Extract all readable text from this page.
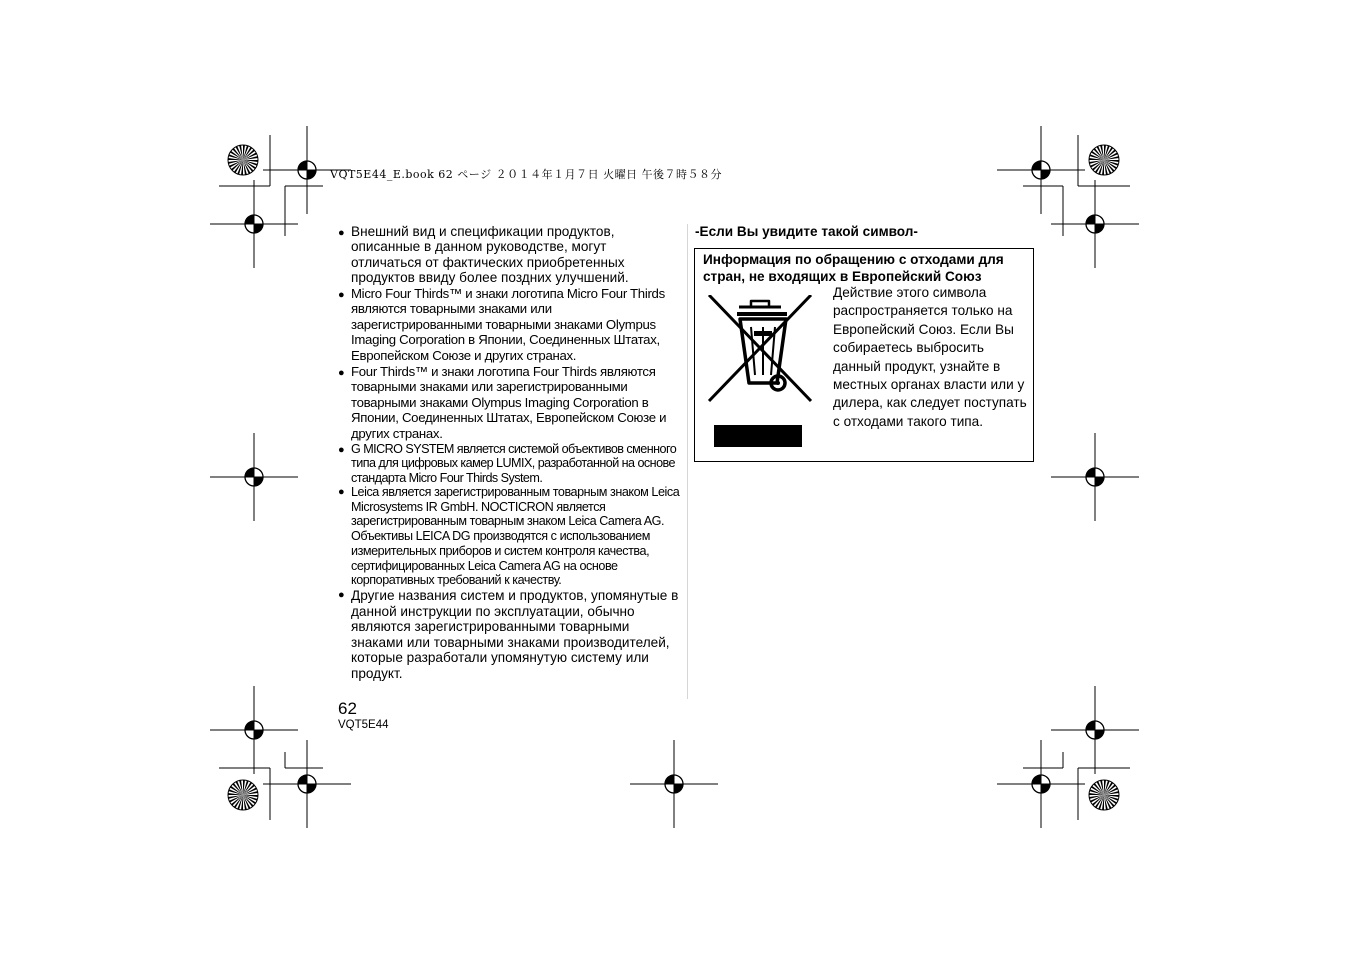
VQT5E44_E.book 62 ページ ２０１４年１月７日 火曜日 午後７時５８分
● Внешний вид и спецификации продуктов, описанные в данном руководстве, могут отличаться от фактических приобретенных продуктов ввиду более поздних улучшений.
● Micro Four Thirds™ и знаки логотипа Micro Four Thirds являются товарными знаками или зарегистрированными товарными знаками Olympus Imaging Corporation в Японии, Соединенных Штатах, Европейском Союзе и других странах.
● Four Thirds™ и знаки логотипа Four Thirds являются товарными знаками или зарегистрированными товарными знаками Olympus Imaging Corporation в Японии, Соединенных Штатах, Европейском Союзе и других странах.
● G MICRO SYSTEM является системой объективов сменного типа для цифровых камер LUMIX, разработанной на основе стандарта Micro Four Thirds System.
● Leica является зарегистрированным товарным знаком Leica Microsystems IR GmbH. NOCTICRON является зарегистрированным товарным знаком Leica Camera AG. Объективы LEICA DG производятся с использованием измерительных приборов и систем контроля качества, сертифицированных Leica Camera AG на основе корпоративных требований к качеству.
● Другие названия систем и продуктов, упомянутые в данной инструкции по эксплуатации, обычно являются зарегистрированными товарными знаками или товарными знаками производителей, которые разработали упомянутую систему или продукт.
62
VQT5E44
-Если Вы увидите такой символ-
Информация по обращению с отходами для стран, не входящих в Европейский Союз
Действие этого символа распространяется только на Европейский Союз. Если Вы собираетесь выбросить данный продукт, узнайте в местных органах власти или у дилера, как следует поступать с отходами такого типа.
